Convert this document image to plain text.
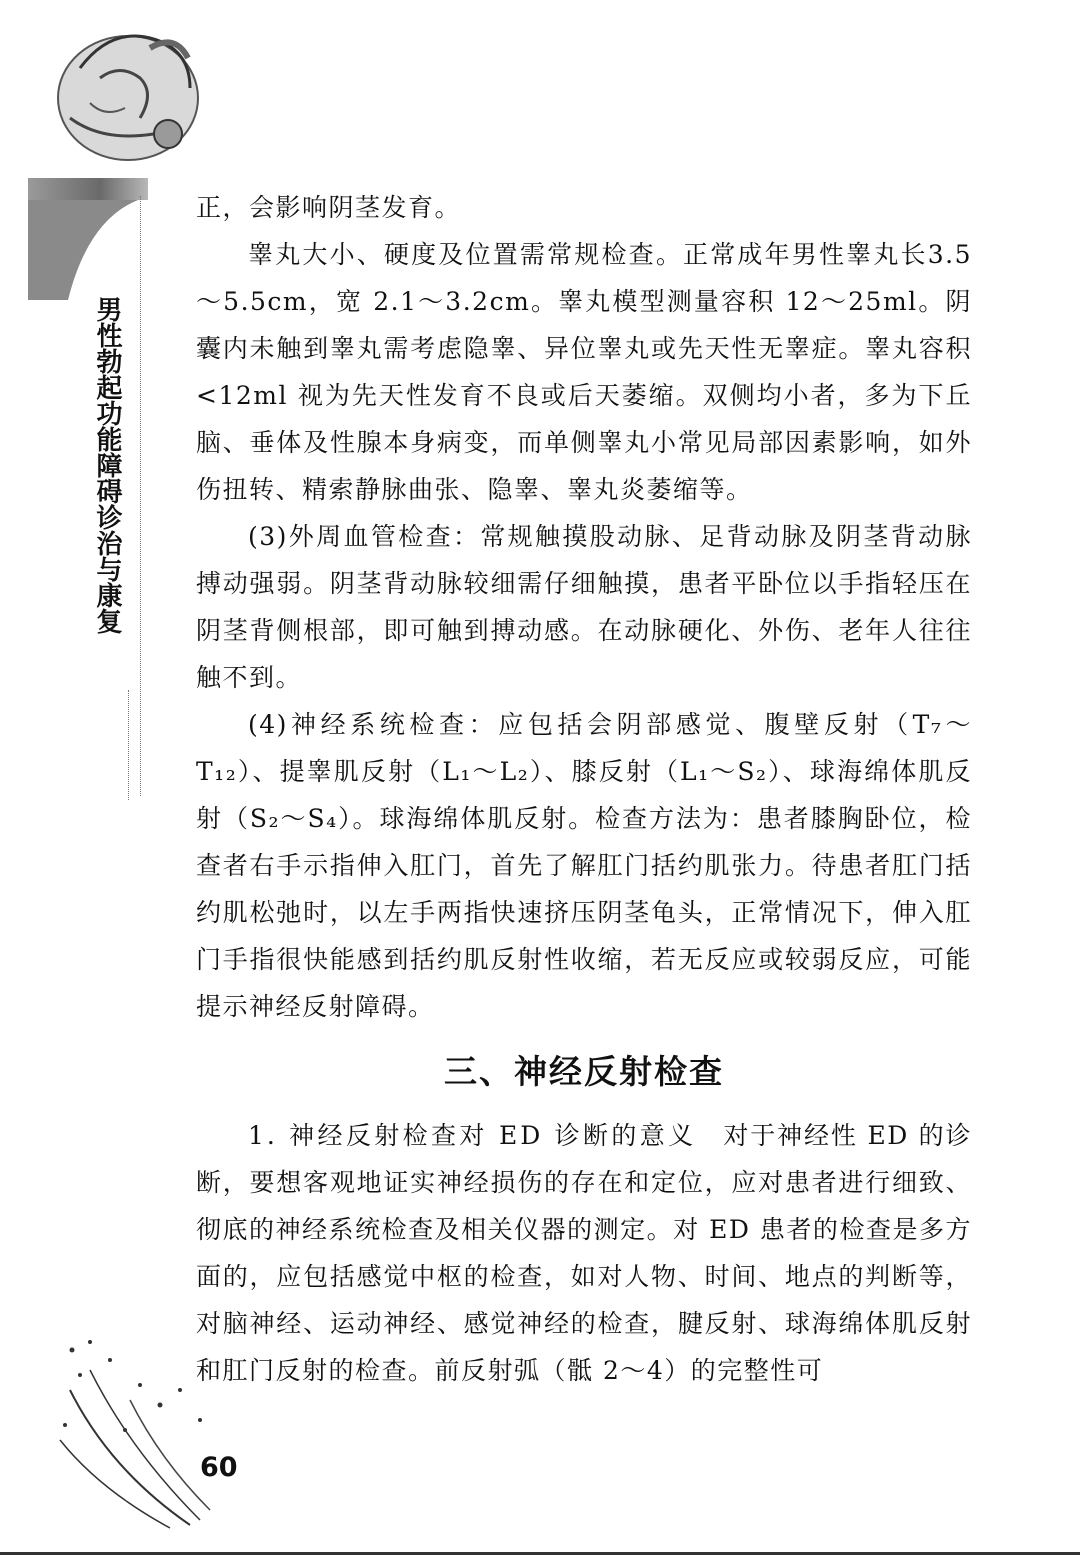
男性勃起功能障碍诊治与康复

正，会影响阴茎发育。

睾丸大小、硬度及位置需常规检查。正常成年男性睾丸长3.5～5.5cm，宽 2.1～3.2cm。睾丸模型测量容积 12～25ml。阴囊内未触到睾丸需考虑隐睾、异位睾丸或先天性无睾症。睾丸容积<12ml 视为先天性发育不良或后天萎缩。双侧均小者，多为下丘脑、垂体及性腺本身病变，而单侧睾丸小常见局部因素影响，如外伤扭转、精索静脉曲张、隐睾、睾丸炎萎缩等。

(3)外周血管检查：常规触摸股动脉、足背动脉及阴茎背动脉搏动强弱。阴茎背动脉较细需仔细触摸，患者平卧位以手指轻压在阴茎背侧根部，即可触到搏动感。在动脉硬化、外伤、老年人往往触不到。

(4)神经系统检查：应包括会阴部感觉、腹壁反射（T₇～T₁₂）、提睾肌反射（L₁～L₂）、膝反射（L₁～S₂）、球海绵体肌反射（S₂～S₄）。球海绵体肌反射。检查方法为：患者膝胸卧位，检查者右手示指伸入肛门，首先了解肛门括约肌张力。待患者肛门括约肌松弛时，以左手两指快速挤压阴茎龟头，正常情况下，伸入肛门手指很快能感到括约肌反射性收缩，若无反应或较弱反应，可能提示神经反射障碍。

三、神经反射检查

1. 神经反射检查对 ED 诊断的意义　 对于神经性 ED 的诊断，要想客观地证实神经损伤的存在和定位，应对患者进行细致、彻底的神经系统检查及相关仪器的测定。对 ED 患者的检查是多方面的，应包括感觉中枢的检查，如对人物、时间、地点的判断等，对脑神经、运动神经、感觉神经的检查，腱反射、球海绵体肌反射和肛门反射的检查。前反射弧（骶 2～4）的完整性可

60
